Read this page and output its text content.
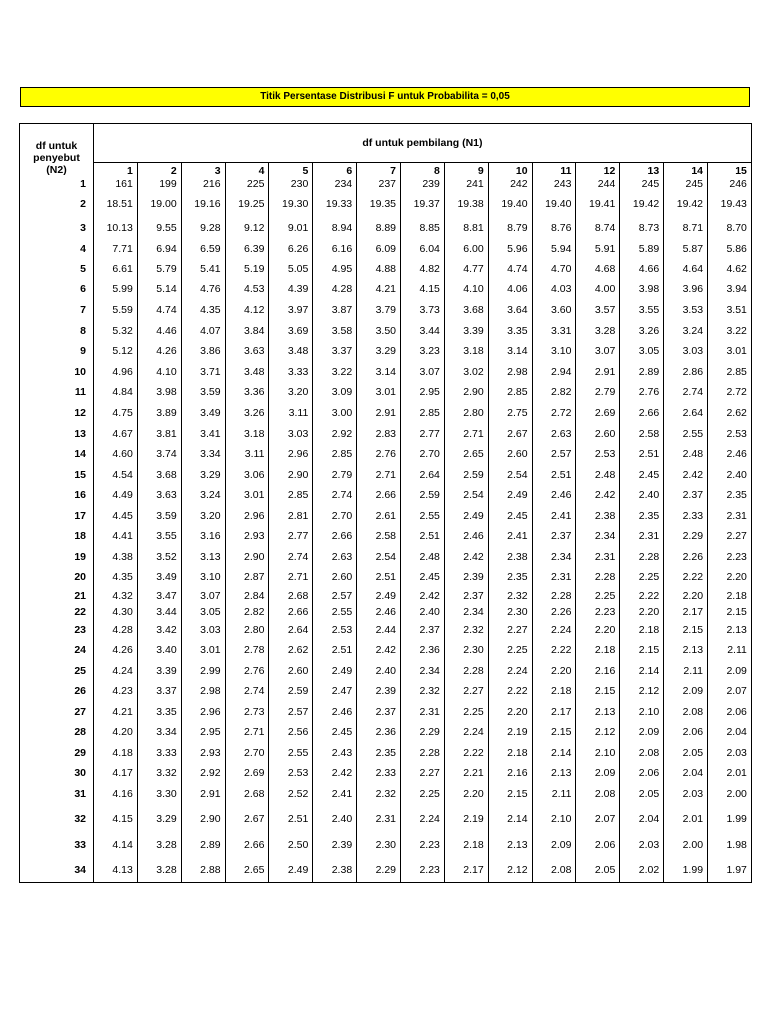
Titik Persentase Distribusi F untuk Probabilita = 0,05
df untuk
penyebut
(N2)	df untuk pembilang (N1)														
	1	2	3	4	5	6	7	8	9	10	11	12	13	14	15
1	161	199	216	225	230	234	237	239	241	242	243	244	245	245	246
2	18.51	19.00	19.16	19.25	19.30	19.33	19.35	19.37	19.38	19.40	19.40	19.41	19.42	19.42	19.43
3	10.13	9.55	9.28	9.12	9.01	8.94	8.89	8.85	8.81	8.79	8.76	8.74	8.73	8.71	8.70
4	7.71	6.94	6.59	6.39	6.26	6.16	6.09	6.04	6.00	5.96	5.94	5.91	5.89	5.87	5.86
5	6.61	5.79	5.41	5.19	5.05	4.95	4.88	4.82	4.77	4.74	4.70	4.68	4.66	4.64	4.62
6	5.99	5.14	4.76	4.53	4.39	4.28	4.21	4.15	4.10	4.06	4.03	4.00	3.98	3.96	3.94
7	5.59	4.74	4.35	4.12	3.97	3.87	3.79	3.73	3.68	3.64	3.60	3.57	3.55	3.53	3.51
8	5.32	4.46	4.07	3.84	3.69	3.58	3.50	3.44	3.39	3.35	3.31	3.28	3.26	3.24	3.22
9	5.12	4.26	3.86	3.63	3.48	3.37	3.29	3.23	3.18	3.14	3.10	3.07	3.05	3.03	3.01
10	4.96	4.10	3.71	3.48	3.33	3.22	3.14	3.07	3.02	2.98	2.94	2.91	2.89	2.86	2.85
11	4.84	3.98	3.59	3.36	3.20	3.09	3.01	2.95	2.90	2.85	2.82	2.79	2.76	2.74	2.72
12	4.75	3.89	3.49	3.26	3.11	3.00	2.91	2.85	2.80	2.75	2.72	2.69	2.66	2.64	2.62
13	4.67	3.81	3.41	3.18	3.03	2.92	2.83	2.77	2.71	2.67	2.63	2.60	2.58	2.55	2.53
14	4.60	3.74	3.34	3.11	2.96	2.85	2.76	2.70	2.65	2.60	2.57	2.53	2.51	2.48	2.46
15	4.54	3.68	3.29	3.06	2.90	2.79	2.71	2.64	2.59	2.54	2.51	2.48	2.45	2.42	2.40
16	4.49	3.63	3.24	3.01	2.85	2.74	2.66	2.59	2.54	2.49	2.46	2.42	2.40	2.37	2.35
17	4.45	3.59	3.20	2.96	2.81	2.70	2.61	2.55	2.49	2.45	2.41	2.38	2.35	2.33	2.31
18	4.41	3.55	3.16	2.93	2.77	2.66	2.58	2.51	2.46	2.41	2.37	2.34	2.31	2.29	2.27
19	4.38	3.52	3.13	2.90	2.74	2.63	2.54	2.48	2.42	2.38	2.34	2.31	2.28	2.26	2.23
20	4.35	3.49	3.10	2.87	2.71	2.60	2.51	2.45	2.39	2.35	2.31	2.28	2.25	2.22	2.20
21	4.32	3.47	3.07	2.84	2.68	2.57	2.49	2.42	2.37	2.32	2.28	2.25	2.22	2.20	2.18
22	4.30	3.44	3.05	2.82	2.66	2.55	2.46	2.40	2.34	2.30	2.26	2.23	2.20	2.17	2.15
23	4.28	3.42	3.03	2.80	2.64	2.53	2.44	2.37	2.32	2.27	2.24	2.20	2.18	2.15	2.13
24	4.26	3.40	3.01	2.78	2.62	2.51	2.42	2.36	2.30	2.25	2.22	2.18	2.15	2.13	2.11
25	4.24	3.39	2.99	2.76	2.60	2.49	2.40	2.34	2.28	2.24	2.20	2.16	2.14	2.11	2.09
26	4.23	3.37	2.98	2.74	2.59	2.47	2.39	2.32	2.27	2.22	2.18	2.15	2.12	2.09	2.07
27	4.21	3.35	2.96	2.73	2.57	2.46	2.37	2.31	2.25	2.20	2.17	2.13	2.10	2.08	2.06
28	4.20	3.34	2.95	2.71	2.56	2.45	2.36	2.29	2.24	2.19	2.15	2.12	2.09	2.06	2.04
29	4.18	3.33	2.93	2.70	2.55	2.43	2.35	2.28	2.22	2.18	2.14	2.10	2.08	2.05	2.03
30	4.17	3.32	2.92	2.69	2.53	2.42	2.33	2.27	2.21	2.16	2.13	2.09	2.06	2.04	2.01
31	4.16	3.30	2.91	2.68	2.52	2.41	2.32	2.25	2.20	2.15	2.11	2.08	2.05	2.03	2.00
32	4.15	3.29	2.90	2.67	2.51	2.40	2.31	2.24	2.19	2.14	2.10	2.07	2.04	2.01	1.99
33	4.14	3.28	2.89	2.66	2.50	2.39	2.30	2.23	2.18	2.13	2.09	2.06	2.03	2.00	1.98
34	4.13	3.28	2.88	2.65	2.49	2.38	2.29	2.23	2.17	2.12	2.08	2.05	2.02	1.99	1.97
